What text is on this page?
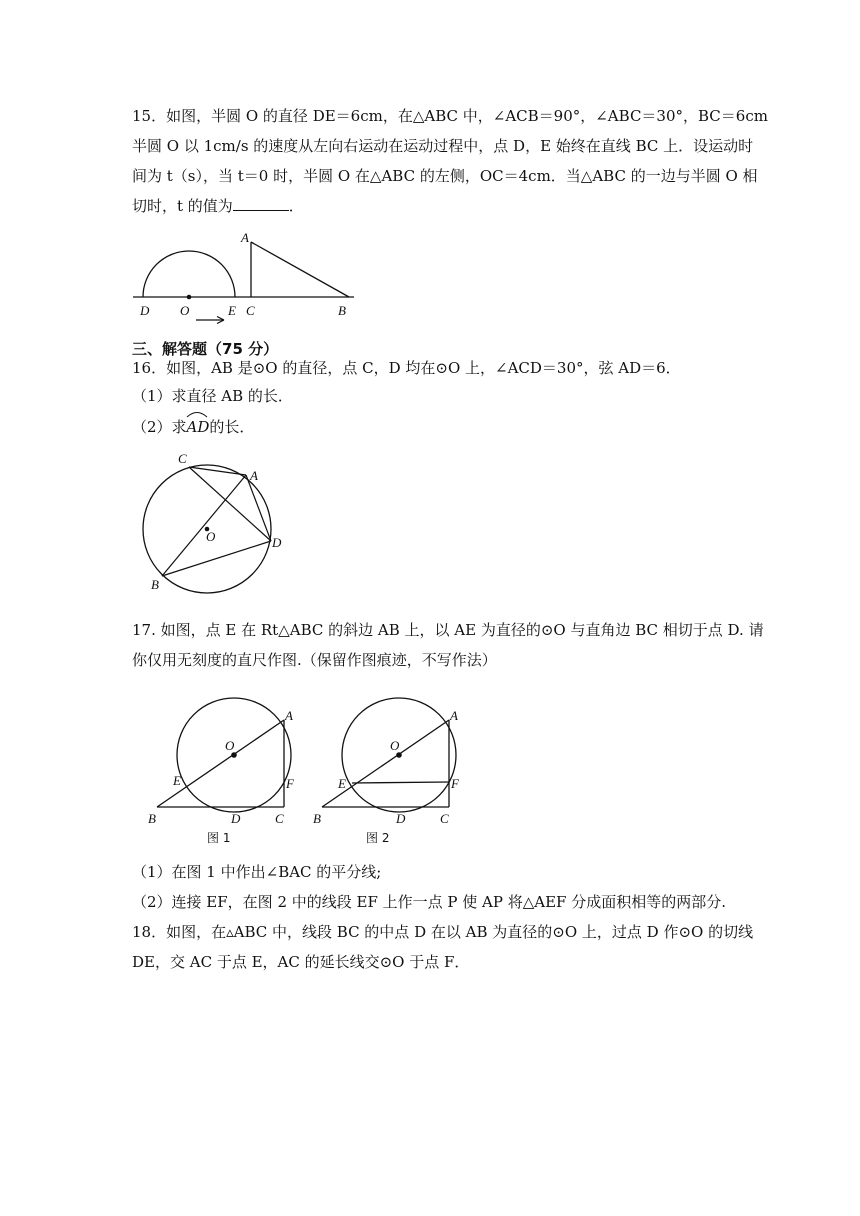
15．如图，半圆 O 的直径 DE＝6cm，在△ABC 中，∠ACB＝90°，∠ABC＝30°，BC＝6cm
半圆 O 以 1cm/s 的速度从左向右运动在运动过程中，点 D，E 始终在直线 BC 上．设运动时
间为 t（s），当 t＝0 时，半圆 O 在△ABC 的左侧，OC＝4cm．当△ABC 的一边与半圆 O 相
切时，t 的值为	．
A
D O	E C	B
三、解答题（75 分）
16．如图，AB 是⊙O 的直径，点 C，D 均在⊙O 上，∠ACD＝30°，弦 AD＝6．
（1）求直径 AB 的长．
（2）求
AD的长．
C
A
O	D
B
17. 如图，点 E 在 Rt△ABC 的斜边 AB 上，以 AE 为直径的⊙O 与直角边 BC 相切于点 D. 请
你仅用无刻度的直尺作图.（保留作图痕迹，不写作法）
A
O
E	F
B	D	C
图 1
A
O
E	F
B	D	C
图 2
（1）在图 1 中作出∠BAC 的平分线;
（2）连接 EF，在图 2 中的线段 EF 上作一点 P 使 AP 将△AEF 分成面积相等的两部分.
18．如图，在▵ABC 中，线段 BC 的中点 D 在以 AB 为直径的⊙O 上，过点 D 作⊙O 的切线
DE，交 AC 于点 E，AC 的延长线交⊙O 于点 F．
